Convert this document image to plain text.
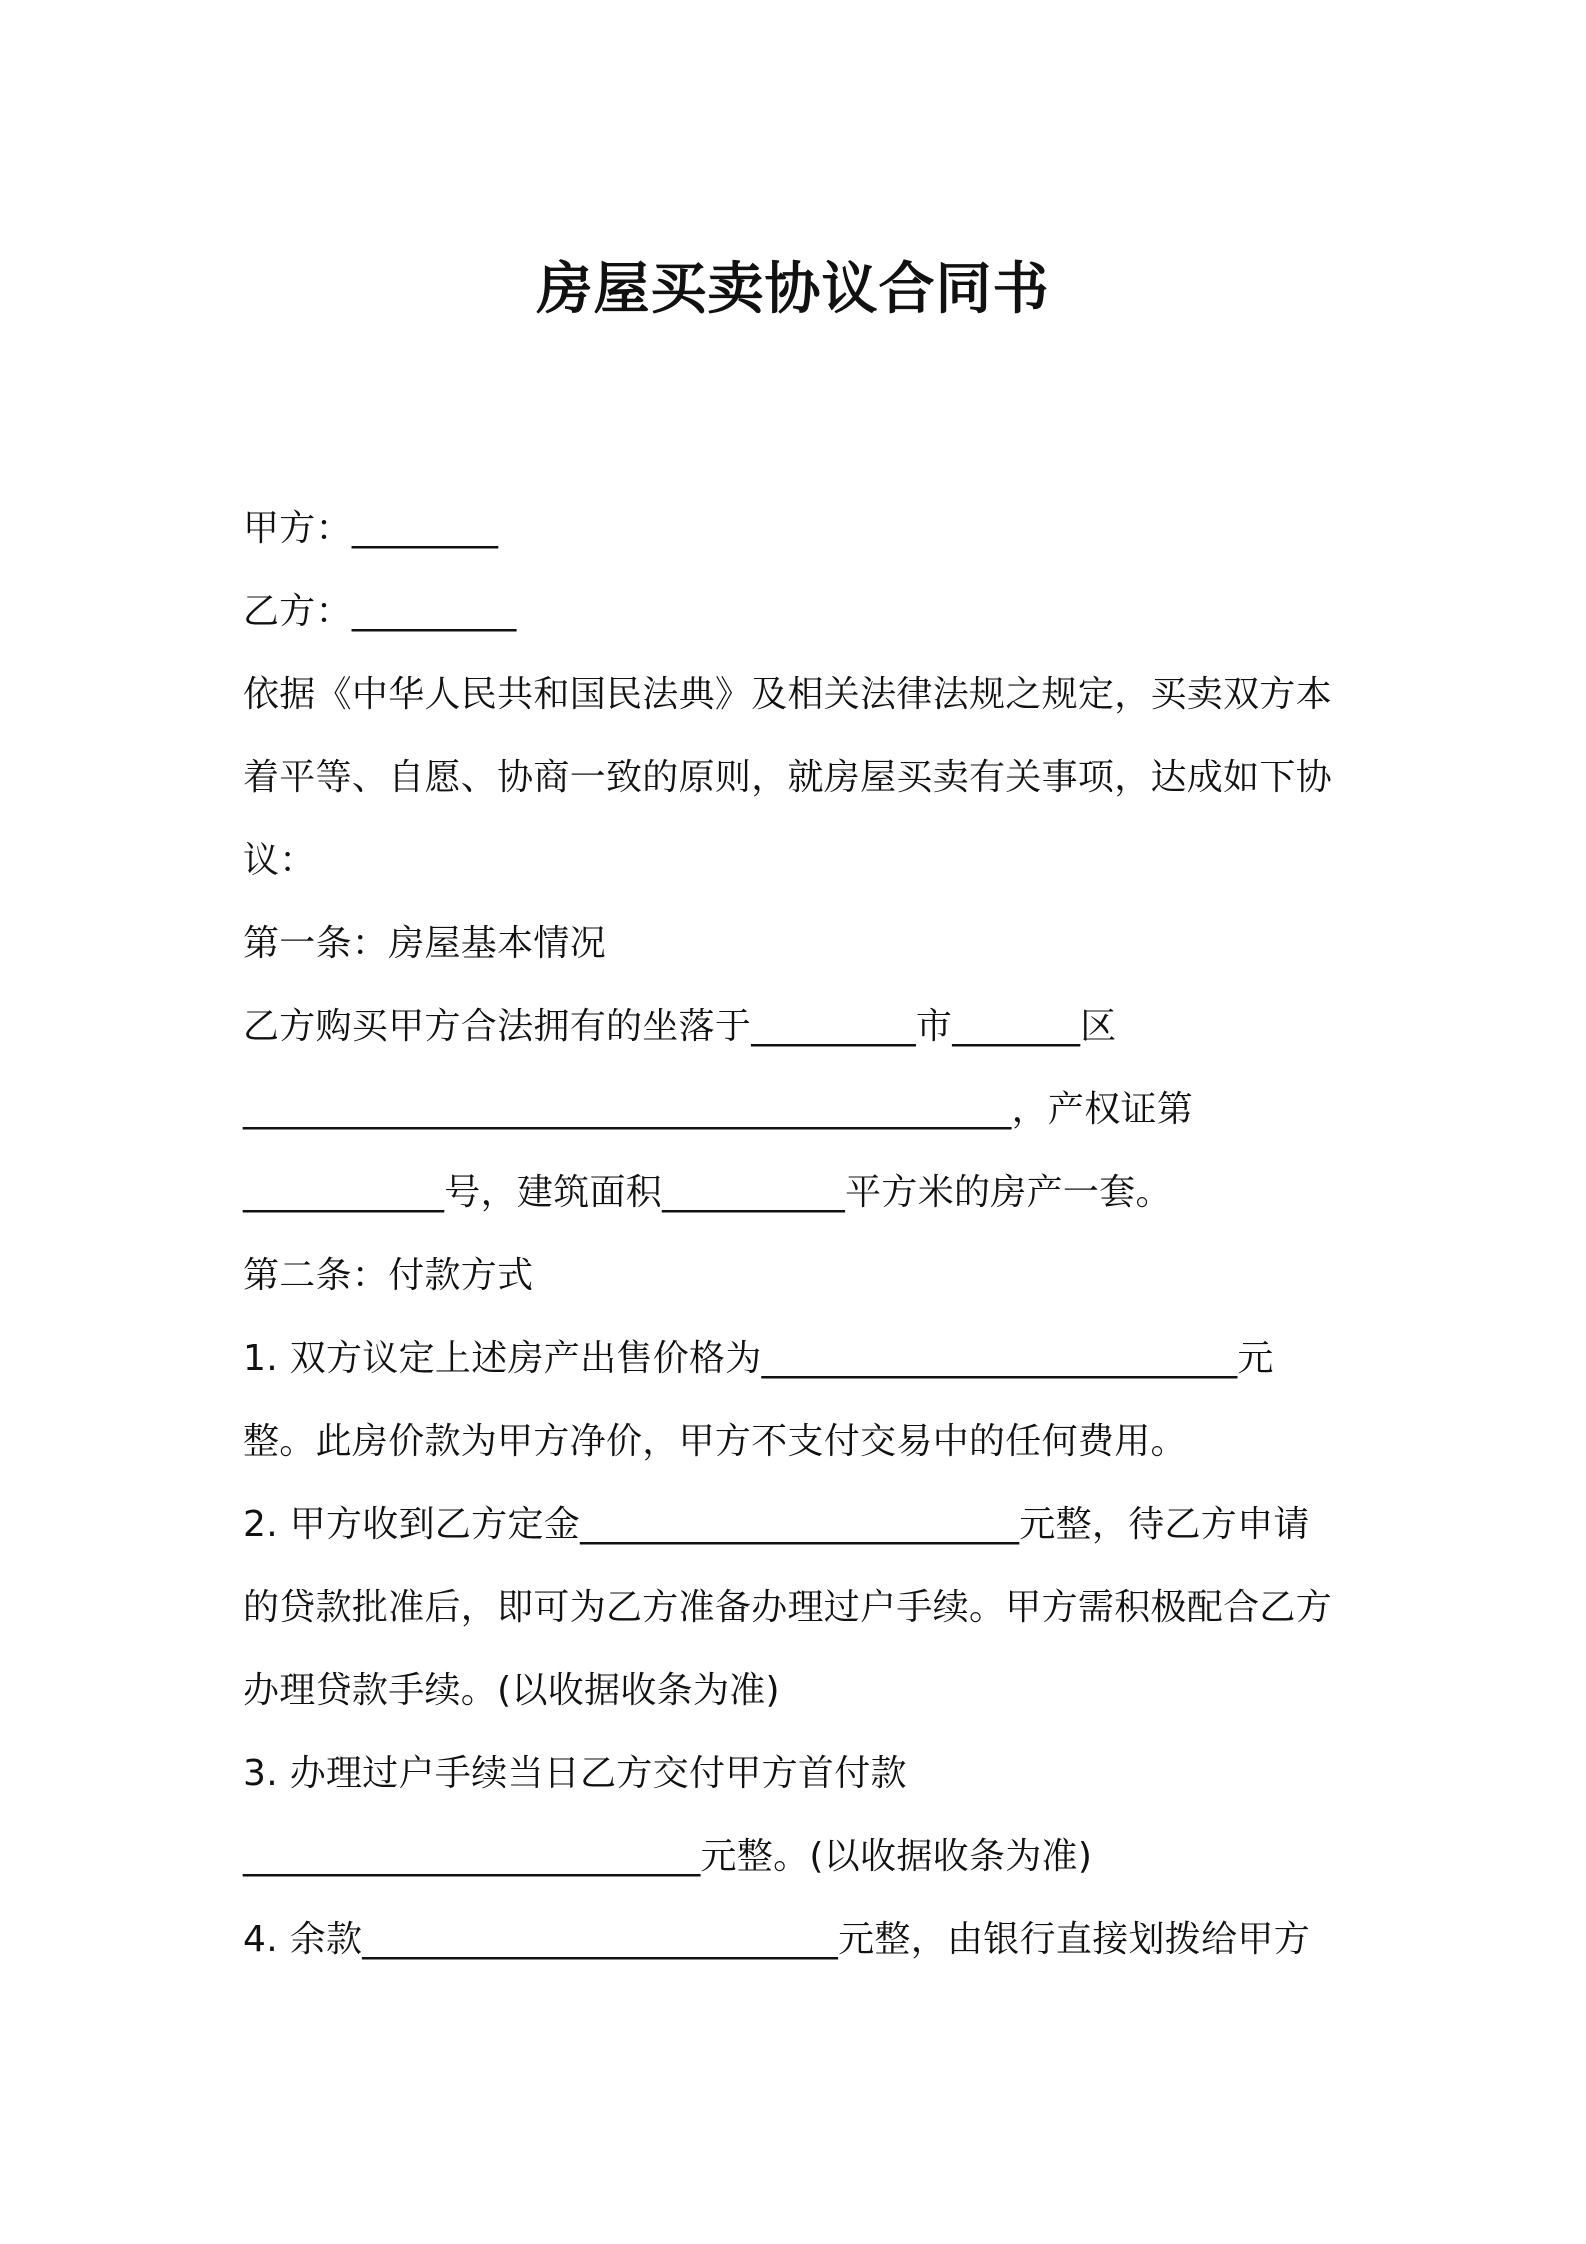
房屋买卖协议合同书
甲方：________
乙方：_________
依据《中华人民共和国民法典》及相关法律法规之规定，买卖双方本
着平等、自愿、协商一致的原则，就房屋买卖有关事项，达成如下协
议：
第一条：房屋基本情况
乙方购买甲方合法拥有的坐落于_________市_______区
__________________________________________，产权证第
___________号，建筑面积__________平方米的房产一套。
第二条：付款方式
1. 双方议定上述房产出售价格为__________________________元
整。此房价款为甲方净价，甲方不支付交易中的任何费用。
2. 甲方收到乙方定金________________________元整，待乙方申请
的贷款批准后，即可为乙方准备办理过户手续。甲方需积极配合乙方
办理贷款手续。(以收据收条为准)
3. 办理过户手续当日乙方交付甲方首付款
_________________________元整。(以收据收条为准)
4. 余款__________________________元整，由银行直接划拨给甲方
